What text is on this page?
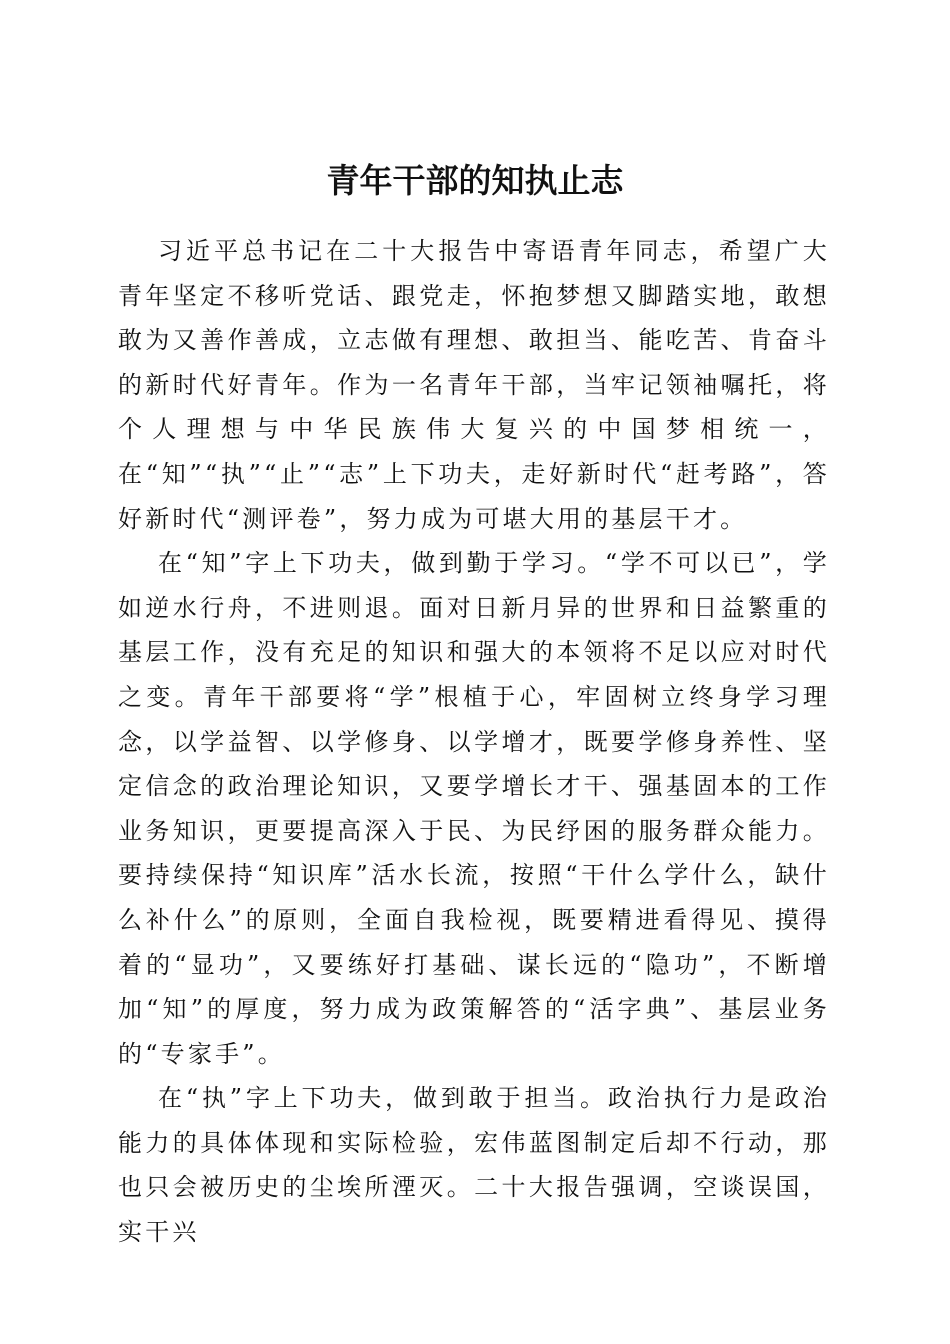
青年干部的知执止志

习近平总书记在二十大报告中寄语青年同志，希望广大青年坚定不移听党话、跟党走，怀抱梦想又脚踏实地，敢想敢为又善作善成，立志做有理想、敢担当、能吃苦、肯奋斗的新时代好青年。作为一名青年干部，当牢记领袖嘱托，将个人理想与中华民族伟大复兴的中国梦相统一，在“知”“执”“止”“志”上下功夫，走好新时代“赶考路”，答好新时代“测评卷”，努力成为可堪大用的基层干才。

在“知”字上下功夫，做到勤于学习。“学不可以已”，学如逆水行舟，不进则退。面对日新月异的世界和日益繁重的基层工作，没有充足的知识和强大的本领将不足以应对时代之变。青年干部要将“学”根植于心，牢固树立终身学习理念，以学益智、以学修身、以学增才，既要学修身养性、坚定信念的政治理论知识，又要学增长才干、强基固本的工作业务知识，更要提高深入于民、为民纾困的服务群众能力。要持续保持“知识库”活水长流，按照“干什么学什么，缺什么补什么”的原则，全面自我检视，既要精进看得见、摸得着的“显功”，又要练好打基础、谋长远的“隐功”，不断增加“知”的厚度，努力成为政策解答的“活字典”、基层业务的“专家手”。

在“执”字上下功夫，做到敢于担当。政治执行力是政治能力的具体体现和实际检验，宏伟蓝图制定后却不行动，那也只会被历史的尘埃所湮灭。二十大报告强调，空谈误国，实干兴
